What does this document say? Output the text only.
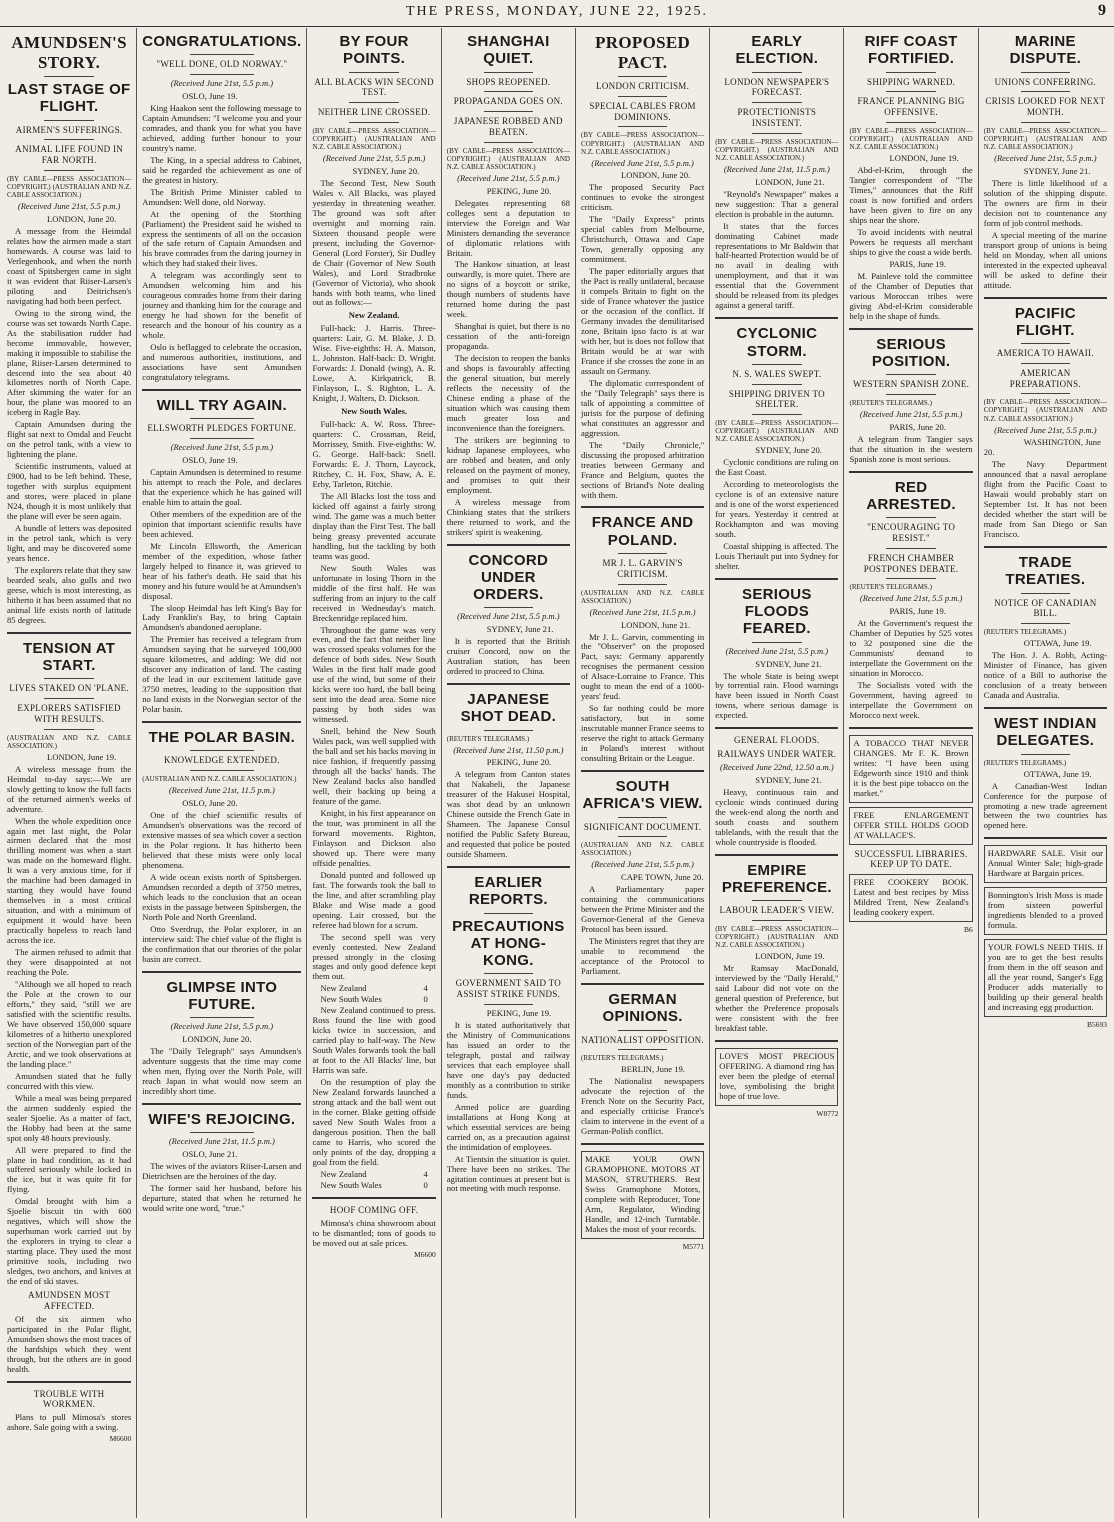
THE PRESS, MONDAY, JUNE 22, 1925.	9
AMUNDSEN'S STORY.
LAST STAGE OF FLIGHT.
AIRMEN'S SUFFERINGS.
ANIMAL LIFE FOUND IN FAR NORTH.
(BY CABLE—PRESS ASSOCIATION—COPYRIGHT.) (AUSTRALIAN AND N.Z. CABLE ASSOCIATION.)
(Received June 21st, 5.5 p.m.)
LONDON, June 20.
A message from the Heimdal relates how the airmen made a start homewards. A course was laid to Verlegenhook, and when the north coast of Spitsbergen came in sight it was evident that Riiser-Larsen's piloting and Deitrichsen's navigating had both been perfect.
Owing to the strong wind, the course was set towards North Cape. As the stabilisation rudder had become immovable, however, making it impossible to stabilise the plane, Riiser-Larsen determined to descend into the sea about 40 kilometres north of North Cape. After skimming the water for an hour, the plane was moored to an iceberg in Ragle Bay.
Captain Amundsen during the flight sat next to Omdal and Feucht on the petrol tank, with a view to lightening the plane.
Scientific instruments, valued at £900, had to be left behind. These, together with surplus equipment and stores, were placed in plane N24, though it is most unlikely that the plane will ever be seen again.
A bundle of letters was deposited in the petrol tank, which is very light, and may be discovered some years hence.
The explorers relate that they saw bearded seals, also gulls and two geese, which is most interesting, as hitherto it has been assumed that no animal life exists north of latitude 85 degrees.
TENSION AT START.
LIVES STAKED ON 'PLANE.
EXPLORERS SATISFIED WITH RESULTS.
(AUSTRALIAN AND N.Z. CABLE ASSOCIATION.)
LONDON, June 19.
A wireless message from the Heimdal to-day says:—We are slowly getting to know the full facts of the returned airmen's weeks of adventure.
When the whole expedition once again met last night, the Polar airmen declared that the most thrilling moment was when a start was made on the homeward flight. It was a very anxious time, for if the machine had been damaged in starting they would have found themselves in a most critical situation, and with a minimum of equipment it would have been practically hopeless to reach land across the ice.
The airmen refused to admit that they were disappointed at not reaching the Pole.
"Although we all hoped to reach the Pole at the crown to our efforts," they said, "still we are satisfied with the scientific results. We have observed 150,000 square kilometres of a hitherto unexplored section of the Norwegian part of the Arctic, and we took observations at the landing place."
Amundsen stated that he fully concurred with this view.
While a meal was being prepared the airmen suddenly espied the sealer Sjoelie. As a matter of fact, the Hobby had been at the same spot only 48 hours previously.
All were prepared to find the plane in bad condition, as it had suffered seriously while locked in the ice, but it was quite fit for flying.
Omdal brought with him a Sjoelie biscuit tin with 600 negatives, which will show the superhuman work carried out by the explorers in trying to clear a starting place. They used the most primitive tools, including two sledges, two anchors, and knives at the end of ski staves.
AMUNDSEN MOST AFFECTED.
Of the six airmen who participated in the Polar flight, Amundsen shows the most traces of the hardships which they went through, but the others are in good health.
TROUBLE WITH WORKMEN.
Plans to pull Mimosa's stores ashore. Sale going with a swing.
M6600
CONGRATULATIONS.
"WELL DONE, OLD NORWAY."
(Received June 21st, 5.5 p.m.)
OSLO, June 19.
King Haakon sent the following message to Captain Amundsen: "I welcome you and your comrades, and thank you for what you have achieved, adding further honour to your country's name.
The King, in a special address to Cabinet, said he regarded the achievement as one of the greatest in history.
The British Prime Minister cabled to Amundsen: Well done, old Norway.
At the opening of the Storthing (Parliament) the President said he wished to express the sentiments of all on the occasion of the safe return of Captain Amundsen and his brave comrades from the daring journey in which they had staked their lives.
A telegram was accordingly sent to Amundsen welcoming him and his courageous comrades home from their daring journey and thanking him for the courage and energy he had shown for the benefit of research and the honour of his country as a whole.
Oslo is beflagged to celebrate the occasion, and numerous authorities, institutions, and associations have sent Amundsen congratulatory telegrams.
WILL TRY AGAIN.
ELLSWORTH PLEDGES FORTUNE.
(Received June 21st, 5.5 p.m.)
OSLO, June 19.
Captain Amundsen is determined to resume his attempt to reach the Pole, and declares that the experience which he has gained will enable him to attain the goal.
Other members of the expedition are of the opinion that important scientific results have been achieved.
Mr Lincoln Ellsworth, the American member of the expedition, whose father largely helped to finance it, was grieved to hear of his father's death. He said that his money and his future would be at Amundsen's disposal.
The sloop Heimdal has left King's Bay for Lady Franklin's Bay, to bring Captain Amundsen's abandoned aeroplane.
The Premier has received a telegram from Amundsen saying that he surveyed 100,000 square kilometres, and adding: We did not discover any indication of land. The casting of the lead in our excitement latitude gave 3750 metres, leading to the supposition that no land exists in the Norwegian sector of the Polar basin.
THE POLAR BASIN.
KNOWLEDGE EXTENDED.
(AUSTRALIAN AND N.Z. CABLE ASSOCIATION.)
(Received June 21st, 11.5 p.m.)
OSLO, June 20.
One of the chief scientific results of Amundsen's observations was the record of extensive masses of sea which cover a section in the Polar regions. It has hitherto been believed that these mists were only local phenomena.
A wide ocean exists north of Spitsbergen. Amundsen recorded a depth of 3750 metres, which leads to the conclusion that an ocean exists in the passage between Spitsbergen, the North Pole and North Greenland.
Otto Sverdrup, the Polar explorer, in an interview said: The chief value of the flight is the confirmation that our theories of the polar basin are correct.
GLIMPSE INTO FUTURE.
(Received June 21st, 5.5 p.m.)
LONDON, June 20.
The "Daily Telegraph" says Amundsen's adventure suggests that the time may come when men, flying over the North Pole, will reach Japan in what would now seem an incredibly short time.
WIFE'S REJOICING.
(Received June 21st, 11.5 p.m.)
OSLO, June 21.
The wives of the aviators Riiser-Larsen and Dietrichsen are the heroines of the day.
The former said her husband, before his departure, stated that when he returned he would write one word, "true."
BY FOUR POINTS.
ALL BLACKS WIN SECOND TEST.
NEITHER LINE CROSSED.
(BY CABLE—PRESS ASSOCIATION—COPYRIGHT.) (AUSTRALIAN AND N.Z. CABLE ASSOCIATION.)
(Received June 21st, 5.5 p.m.)
SYDNEY, June 20.
The Second Test, New South Wales v. All Blacks, was played yesterday in threatening weather. The ground was soft after overnight and morning rain. Sixteen thousand people were present, including the Governor-General (Lord Forster), Sir Dudley de Chair (Governor of New South Wales), and Lord Stradbroke (Governor of Victoria), who shook hands with both teams, who lined out as follows:—
New Zealand.
Full-back: J. Harris. Three-quarters: Lair, G. M. Blake, J. D. Wise. Five-eighths: H. A. Matson, L. Johnston. Half-back: D. Wright. Forwards: J. Donald (wing), A. R. Lowe, A. Kirkpatrick, B. Finlayson, L. S. Righton, L. A. Knight, J. Walters, D. Dickson.
New South Wales.
Full-back: A. W. Ross. Three-quarters: C. Crossman, Reid, Morrissey, Smith. Five-eighths: W. G. George. Half-back: Snell. Forwards: E. J. Thorn, Laycock, Ritchey, C. H. Fox, Shaw, A. E. Erby, Tarleton, Ritchie.
The All Blacks lost the toss and kicked off against a fairly strong wind. The game was a much better display than the First Test. The ball being greasy prevented accurate handling, but the tackling by both teams was good.
New South Wales was unfortunate in losing Thorn in the middle of the first half. He was suffering from an injury to the calf received in Wednesday's match. Breckenridge replaced him.
Throughout the game was very even, and the fact that neither line was crossed speaks volumes for the defence of both sides. New South Wales in the first half made good use of the wind, but some of their kicks were too hard, the ball being sent into the dead area. Some nice passing by both sides was witnessed.
Snell, behind the New South Wales pack, was well supplied with the ball and set his backs moving in nice fashion, if frequently passing through all the backs' hands. The New Zealand backs also handled well, their backing up being a feature of the game.
Knight, in his first appearance on the tour, was prominent in all the forward movements. Righton, Finlayson and Dickson also showed up. There were many offside penalties.
Donald punted and followed up fast. The forwards took the ball to the line, and after scrambling play Blake and Wise made a good opening. Lair crossed, but the referee had blown for a scrum.
The second spell was very evenly contested. New Zealand pressed strongly in the closing stages and only good defence kept them out.
New Zealand	4
New South Wales	0
New Zealand continued to press. Ross found the line with good kicks twice in succession, and carried play to half-way. The New South Wales forwards took the ball at foot to the All Blacks' line, but Harris was safe.
On the resumption of play the New Zealand forwards launched a strong attack and the ball went out in the corner. Blake getting offside saved New South Wales from a dangerous position. Then the ball came to Harris, who scored the only points of the day, dropping a goal from the field.
New Zealand	4
New South Wales	0
HOOF COMING OFF.
Mimosa's china showroom about to be dismantled; tons of goods to be moved out at sale prices.
M6600
SHANGHAI QUIET.
SHOPS REOPENED.
PROPAGANDA GOES ON.
JAPANESE ROBBED AND BEATEN.
(BY CABLE—PRESS ASSOCIATION—COPYRIGHT.) (AUSTRALIAN AND N.Z. CABLE ASSOCIATION.)
(Received June 21st, 5.5 p.m.)
PEKING, June 20.
Delegates representing 68 colleges sent a deputation to interview the Foreign and War Ministers demanding the severance of diplomatic relations with Britain.
The Hankow situation, at least outwardly, is more quiet. There are no signs of a boycott or strike, though numbers of students have returned home during the past week.
Shanghai is quiet, but there is no cessation of the anti-foreign propaganda.
The decision to reopen the banks and shops is favourably affecting the general situation, but merely reflects the necessity of the Chinese ending a phase of the situation which was causing them much greater loss and inconvenience than the foreigners.
The strikers are beginning to kidnap Japanese employees, who are robbed and beaten, and only released on the payment of money, and promises to quit their employment.
A wireless message from Chinkiang states that the strikers there returned to work, and the strikers' spirit is weakening.
CONCORD UNDER ORDERS.
(Received June 21st, 5.5 p.m.)
SYDNEY, June 21.
It is reported that the British cruiser Concord, now on the Australian station, has been ordered to proceed to China.
JAPANESE SHOT DEAD.
(REUTER'S TELEGRAMS.)
(Received June 21st, 11.50 p.m.)
PEKING, June 20.
A telegram from Canton states that Nakaheli, the Japanese treasurer of the Hakusei Hospital, was shot dead by an unknown Chinese outside the French Gate in Shameen. The Japanese Consul notified the Public Safety Bureau, and requested that police be posted outside Shameen.
EARLIER REPORTS.
PRECAUTIONS AT HONG-KONG.
GOVERNMENT SAID TO ASSIST STRIKE FUNDS.
PEKING, June 19.
It is stated authoritatively that the Ministry of Communications has issued an order to the telegraph, postal and railway services that each employee shall have one day's pay deducted monthly as a contribution to strike funds.
Armed police are guarding installations at Hong Kong at which essential services are being carried on, as a precaution against the intimidation of employees.
At Tientsin the situation is quiet. There have been no strikes. The agitation continues at present but is not meeting with much response.
PROPOSED PACT.
LONDON CRITICISM.
SPECIAL CABLES FROM DOMINIONS.
(BY CABLE—PRESS ASSOCIATION—COPYRIGHT.) (AUSTRALIAN AND N.Z. CABLE ASSOCIATION.)
(Received June 21st, 5.5 p.m.)
LONDON, June 20.
The proposed Security Pact continues to evoke the strongest criticism.
The "Daily Express" prints special cables from Melbourne, Christchurch, Ottawa and Cape Town, generally opposing any commitment.
The paper editorially argues that the Pact is really unilateral, because it compels Britain to fight on the side of France whatever the justice or the occasion of the conflict. If Germany invades the demilitarised zone, Britain ipso facto is at war with her, but is does not follow that Britain would be at war with France if she crosses the zone in an assault on Germany.
The diplomatic correspondent of the "Daily Telegraph" says there is talk of appointing a committee of jurists for the purpose of defining what constitutes an aggressor and aggression.
The "Daily Chronicle," discussing the proposed arbitration treaties between Germany and France and Belgium, quotes the sections of Briand's Note dealing with them.
FRANCE AND POLAND.
MR J. L. GARVIN'S CRITICISM.
(AUSTRALIAN AND N.Z. CABLE ASSOCIATION.)
(Received June 21st, 11.5 p.m.)
LONDON, June 21.
Mr J. L. Garvin, commenting in the "Observer" on the proposed Pact, says: Germany apparently recognises the permanent cession of Alsace-Lorraine to France. This ought to mean the end of a 1000-years' feud.
So far nothing could be more satisfactory, but in some inscrutable manner France seems to reserve the right to attack Germany in Poland's interest without consulting Britain or the League.
SOUTH AFRICA'S VIEW.
SIGNIFICANT DOCUMENT.
(AUSTRALIAN AND N.Z. CABLE ASSOCIATION.)
(Received June 21st, 5.5 p.m.)
CAPE TOWN, June 20.
A Parliamentary paper containing the communications between the Prime Minister and the Governor-General of the Geneva Protocol has been issued.
The Ministers regret that they are unable to recommend the acceptance of the Protocol to Parliament.
GERMAN OPINIONS.
NATIONALIST OPPOSITION.
(REUTER'S TELEGRAMS.)
BERLIN, June 19.
The Nationalist newspapers advocate the rejection of the French Note on the Security Pact, and especially criticise France's claim to intervene in the event of a German-Polish conflict.
MAKE YOUR OWN GRAMOPHONE. MOTORS AT MASON, STRUTHERS. Best Swiss Gramophone Motors, complete with Reproducer, Tone Arm, Regulator, Winding Handle, and 12-inch Turntable. Makes the most of your records.
M5771
EARLY ELECTION.
LONDON NEWSPAPER'S FORECAST.
PROTECTIONISTS INSISTENT.
(BY CABLE—PRESS ASSOCIATION—COPYRIGHT.) (AUSTRALIAN AND N.Z. CABLE ASSOCIATION.)
(Received June 21st, 11.5 p.m.)
LONDON, June 21.
"Reynold's Newspaper" makes a new suggestion: That a general election is probable in the autumn.
It states that the forces dominating Cabinet made representations to Mr Baldwin that half-hearted Protection would be of no avail in dealing with unemployment, and that it was essential that the Government should be released from its pledges against a general tariff.
CYCLONIC STORM.
N. S. WALES SWEPT.
SHIPPING DRIVEN TO SHELTER.
(BY CABLE—PRESS ASSOCIATION—COPYRIGHT.) (AUSTRALIAN AND N.Z. CABLE ASSOCIATION.)
SYDNEY, June 20.
Cyclonic conditions are ruling on the East Coast.
According to meteorologists the cyclone is of an extensive nature and is one of the worst experienced for years. Yesterday it centred at Rockhampton and was moving south.
Coastal shipping is affected. The Louis Theriault put into Sydney for shelter.
SERIOUS FLOODS FEARED.
(Received June 21st, 5.5 p.m.)
SYDNEY, June 21.
The whole State is being swept by torrential rain. Flood warnings have been issued in North Coast towns, where serious damage is expected.
GENERAL FLOODS.
RAILWAYS UNDER WATER.
(Received June 22nd, 12.50 a.m.)
SYDNEY, June 21.
Heavy, continuous rain and cyclonic winds continued during the week-end along the north and south coasts and southern tablelands, with the result that the whole countryside is flooded.
EMPIRE PREFERENCE.
LABOUR LEADER'S VIEW.
(BY CABLE—PRESS ASSOCIATION—COPYRIGHT.) (AUSTRALIAN AND N.Z. CABLE ASSOCIATION.)
LONDON, June 19.
Mr Ramsay MacDonald, interviewed by the "Daily Herald," said Labour did not vote on the general question of Preference, but whether the Preference proposals were consistent with the free breakfast table.
LOVE'S MOST PRECIOUS OFFERING. A diamond ring has ever been the pledge of eternal love, symbolising the bright hope of true love.
W8772
RIFF COAST FORTIFIED.
SHIPPING WARNED.
FRANCE PLANNING BIG OFFENSIVE.
(BY CABLE—PRESS ASSOCIATION—COPYRIGHT.) (AUSTRALIAN AND N.Z. CABLE ASSOCIATION.)
LONDON, June 19.
Abd-el-Krim, through the Tangier correspondent of "The Times," announces that the Riff coast is now fortified and orders have been given to fire on any ships near the shore.
To avoid incidents with neutral Powers he requests all merchant ships to give the coast a wide berth.
PARIS, June 19.
M. Painleve told the committee of the Chamber of Deputies that various Moroccan tribes were giving Abd-el-Krim considerable help in the shape of funds.
SERIOUS POSITION.
WESTERN SPANISH ZONE.
(REUTER'S TELEGRAMS.)
(Received June 21st, 5.5 p.m.)
PARIS, June 20.
A telegram from Tangier says that the situation in the western Spanish zone is most serious.
RED ARRESTED.
"ENCOURAGING TO RESIST."
FRENCH CHAMBER POSTPONES DEBATE.
(REUTER'S TELEGRAMS.)
(Received June 21st, 5.5 p.m.)
PARIS, June 19.
At the Government's request the Chamber of Deputies by 525 votes to 32 postponed sine die the Communists' demand to interpellate the Government on the situation in Morocco.
The Socialists voted with the Government, having agreed to interpellate the Government on Morocco next week.
A TOBACCO THAT NEVER CHANGES. Mr F. K. Brown writes: "I have been using Edgeworth since 1910 and think it is the best pipe tobacco on the market."
FREE ENLARGEMENT OFFER STILL HOLDS GOOD AT WALLACE'S.
SUCCESSFUL LIBRARIES. KEEP UP TO DATE.
FREE COOKERY BOOK. Latest and best recipes by Miss Mildred Trent, New Zealand's leading cookery expert.
B6
MARINE DISPUTE.
UNIONS CONFERRING.
CRISIS LOOKED FOR NEXT MONTH.
(BY CABLE—PRESS ASSOCIATION—COPYRIGHT.) (AUSTRALIAN AND N.Z. CABLE ASSOCIATION.)
(Received June 21st, 5.5 p.m.)
SYDNEY, June 21.
There is little likelihood of a solution of the shipping dispute. The owners are firm in their decision not to countenance any form of job control methods.
A special meeting of the marine transport group of unions is being held on Monday, when all unions interested in the expected upheaval will be asked to define their attitude.
PACIFIC FLIGHT.
AMERICA TO HAWAII.
AMERICAN PREPARATIONS.
(BY CABLE—PRESS ASSOCIATION—COPYRIGHT.) (AUSTRALIAN AND N.Z. CABLE ASSOCIATION.)
(Received June 21st, 5.5 p.m.)
WASHINGTON, June 20.
The Navy Department announced that a naval aeroplane flight from the Pacific Coast to Hawaii would probably start on September 1st. It has not been decided whether the start will be made from San Diego or San Francisco.
TRADE TREATIES.
NOTICE OF CANADIAN BILL.
(REUTER'S TELEGRAMS.)
OTTAWA, June 19.
The Hon. J. A. Robb, Acting-Minister of Finance, has given notice of a Bill to authorise the conclusion of a treaty between Canada and Australia.
WEST INDIAN DELEGATES.
(REUTER'S TELEGRAMS.)
OTTAWA, June 19.
A Canadian-West Indian Conference for the purpose of promoting a new trade agreement between the two countries has opened here.
HARDWARE SALE. Visit our Annual Winter Sale; high-grade Hardware at Bargain prices.
Bonnington's Irish Moss is made from sixteen powerful ingredients blended to a proved formula.
YOUR FOWLS NEED THIS. If you are to get the best results from them in the off season and all the year round, Sanger's Egg Producer adds materially to building up their general health and increasing egg production.
B5693
